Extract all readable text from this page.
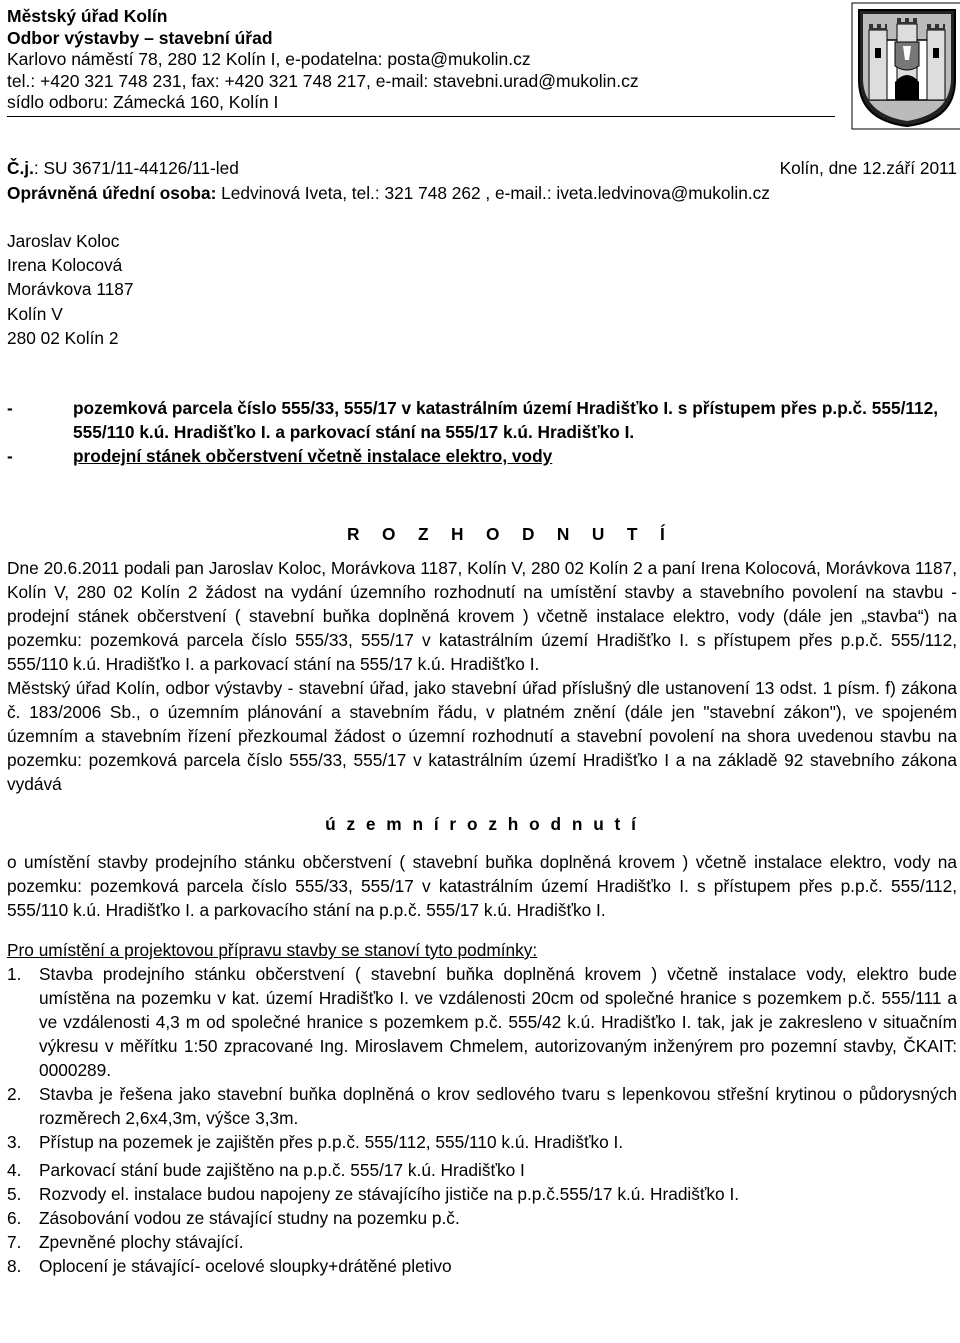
Městský úřad Kolín
Odbor výstavby – stavební úřad
Karlovo náměstí 78, 280 12 Kolín I, e-podatelna: posta@mukolin.cz
tel.: +420 321 748 231, fax: +420 321 748 217, e-mail: stavebni.urad@mukolin.cz
sídlo odboru: Zámecká 160, Kolín I
Č.j.: SU 3671/11-44126/11-led	Kolín, dne 12.září 2011
Oprávněná úřední osoba: Ledvinová Iveta, tel.: 321 748 262 , e-mail.: iveta.ledvinova@mukolin.cz
Jaroslav Koloc
Irena Kolocová
Morávkova 1187
Kolín V
280 02 Kolín 2
-	pozemková parcela číslo 555/33, 555/17 v katastrálním území Hradišťko I. s přístupem přes p.p.č. 555/112, 555/110 k.ú. Hradišťko I. a parkovací stání na 555/17 k.ú. Hradišťko I.
-	prodejní stánek občerstvení včetně instalace elektro, vody
R O Z H O D N U T Í

Dne 20.6.2011 podali pan Jaroslav Koloc, Morávkova 1187, Kolín V, 280 02 Kolín 2 a paní Irena Kolocová, Morávkova 1187, Kolín V, 280 02 Kolín 2 žádost na vydání územního rozhodnutí na umístění stavby a stavebního povolení na stavbu - prodejní stánek občerstvení ( stavební buňka doplněná krovem ) včetně instalace elektro, vody (dále jen „stavba“) na pozemku: pozemková parcela číslo 555/33, 555/17 v katastrálním území Hradišťko I. s přístupem přes p.p.č. 555/112, 555/110 k.ú. Hradišťko I. a parkovací stání na 555/17 k.ú. Hradišťko I.

Městský úřad Kolín, odbor výstavby - stavební úřad, jako stavební úřad příslušný dle ustanovení 13 odst. 1 písm. f) zákona č. 183/2006 Sb., o územním plánování a stavebním řádu, v platném znění (dále jen "stavební zákon"), ve spojeném územním a stavebním řízení přezkoumal žádost o územní rozhodnutí a stavební povolení na shora uvedenou stavbu na pozemku: pozemková parcela číslo 555/33, 555/17 v katastrálním území Hradišťko I a na základě 92 stavebního zákona vydává

ú z e m n í r o z h o d n u t í

o umístění stavby prodejního stánku občerstvení ( stavební buňka doplněná krovem ) včetně instalace elektro, vody na pozemku: pozemková parcela číslo 555/33, 555/17 v katastrálním území Hradišťko I. s přístupem přes p.p.č. 555/112, 555/110 k.ú. Hradišťko I. a parkovacího stání na p.p.č. 555/17 k.ú. Hradišťko I.

Pro umístění a projektovou přípravu stavby se stanoví tyto podmínky:

1.	Stavba prodejního stánku občerstvení ( stavební buňka doplněná krovem ) včetně instalace vody, elektro bude umístěna na pozemku v kat. území Hradišťko I. ve vzdálenosti 20cm od společné hranice s pozemkem p.č. 555/111 a ve vzdálenosti 4,3 m od společné hranice s pozemkem p.č. 555/42 k.ú. Hradišťko I. tak, jak je zakresleno v situačním výkresu v měřítku 1:50 zpracované Ing. Miroslavem Chmelem, autorizovaným inženýrem pro pozemní stavby, ČKAIT: 0000289.
2.	Stavba je řešena jako stavební buňka doplněná o krov sedlového tvaru s lepenkovou střešní krytinou o půdorysných rozměrech 2,6x4,3m, výšce 3,3m.
3.	Přístup na pozemek je zajištěn přes p.p.č. 555/112, 555/110 k.ú. Hradišťko I.
4.	Parkovací stání bude zajištěno na p.p.č. 555/17 k.ú. Hradišťko I
5.	Rozvody el. instalace budou napojeny ze stávajícího jističe na p.p.č.555/17 k.ú. Hradišťko I.
6.	Zásobování vodou ze stávající studny na pozemku p.č.
7.	Zpevněné plochy stávající.
8.	Oplocení je stávající- ocelové sloupky+drátěné pletivo
